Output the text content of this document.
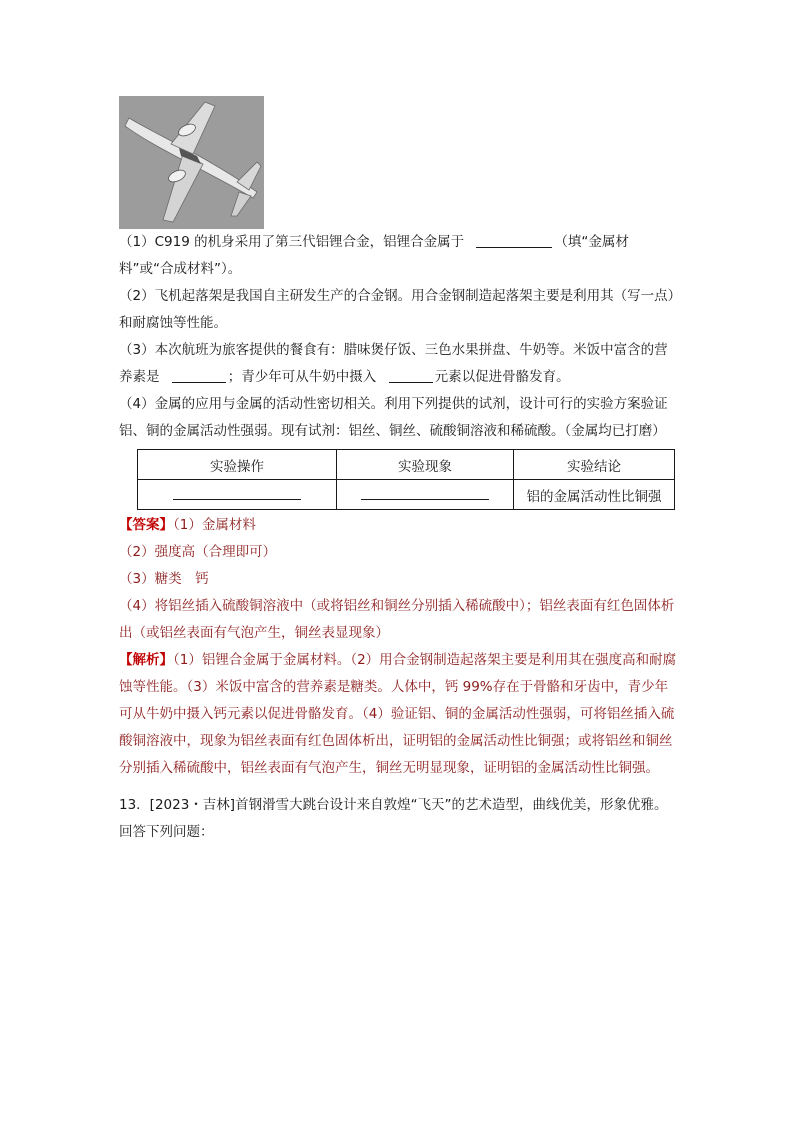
（1）C919 的机身采用了第三代铝锂合金，铝锂合金属于	（填“金属材料”或“合成材料”）。

（2）飞机起落架是我国自主研发生产的合金钢。用合金钢制造起落架主要是利用其（写一点）和耐腐蚀等性能。

（3）本次航班为旅客提供的餐食有：腊味煲仔饭、三色水果拼盘、牛奶等。米饭中富含的营养素是	；青少年可从牛奶中摄入	元素以促进骨骼发育。

（4）金属的应用与金属的活动性密切相关。利用下列提供的试剂，设计可行的实验方案验证铝、铜的金属活动性强弱。现有试剂：铝丝、铜丝、硫酸铜溶液和稀硫酸。（金属均已打磨）

实验操作	实验现象	实验结论
		铝的金属活动性比铜强

【答案】（1）金属材料

（2）强度高（合理即可）

（3）糖类　钙

（4）将铝丝插入硫酸铜溶液中（或将铝丝和铜丝分别插入稀硫酸中）；铝丝表面有红色固体析出（或铝丝表面有气泡产生，铜丝表显现象）

【解析】（1）铝锂合金属于金属材料。（2）用合金钢制造起落架主要是利用其在强度高和耐腐蚀等性能。（3）米饭中富含的营养素是糖类。人体中，钙 99%存在于骨骼和牙齿中，青少年可从牛奶中摄入钙元素以促进骨骼发育。（4）验证铝、铜的金属活动性强弱，可将铝丝插入硫酸铜溶液中，现象为铝丝表面有红色固体析出，证明铝的金属活动性比铜强；或将铝丝和铜丝分别插入稀硫酸中，铝丝表面有气泡产生，铜丝无明显现象，证明铝的金属活动性比铜强。

13．[2023・吉林]首钢滑雪大跳台设计来自敦煌“飞天”的艺术造型，曲线优美，形象优雅。回答下列问题：
